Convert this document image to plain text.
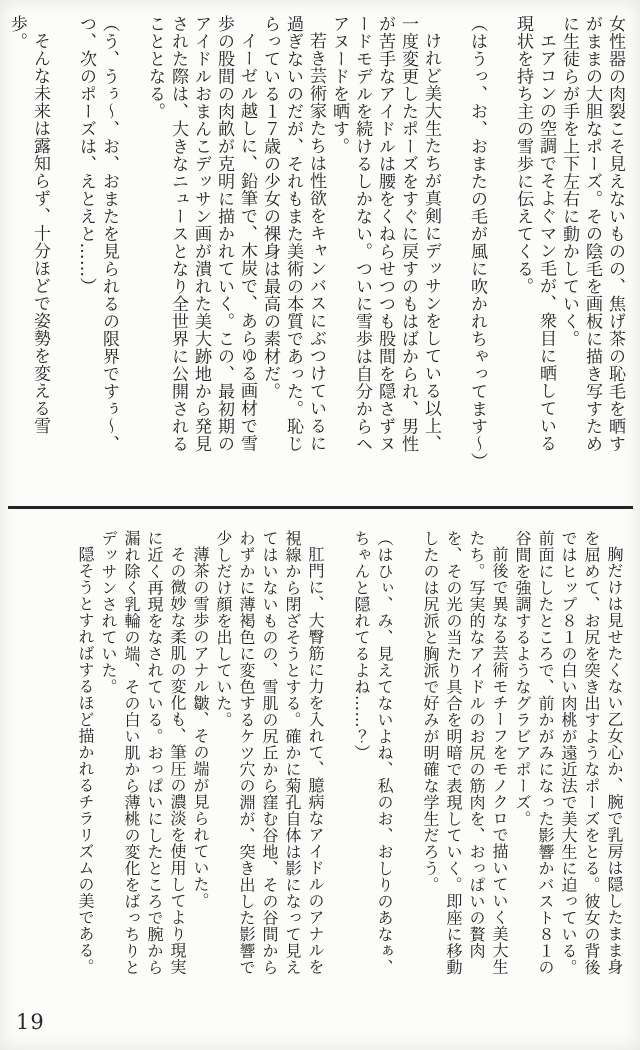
女性器の肉裂こそ見えないものの、焦げ茶の恥毛を晒すがままの大胆なポーズ。その陰毛を画板に描き写すために生徒らが手を上下左右に動かしていく。

エアコンの空調でそよぐマン毛が、衆目に晒している現状を持ち主の雪歩に伝えてくる。

（はうっ、お、おまたの毛が風に吹かれちゃってます〜）

けれど美大生たちが真剣にデッサンをしている以上、一度変更したポーズをすぐに戻すのもはばかられ、男性が苦手なアイドルは腰をくねらせつつも股間を隠さずヌードモデルを続けるしかない。ついに雪歩は自分からヘアヌードを晒す。

若き芸術家たちは性欲をキャンバスにぶつけているに過ぎないのだが、それもまた美術の本質であった。恥じらっている１７歳の少女の裸身は最高の素材だ。

イーゼル越しに、鉛筆で、木炭で、あらゆる画材で雪歩の股間の肉畝が克明に描かれていく。この、最初期のアイドルおまんこデッサン画が潰れた美大跡地から発見された際は、大きなニュースとなり全世界に公開されることとなる。

（う、うぅ〜、お、おまたを見られるの限界ですぅ〜、つ、次のポーズは、えとえと……）

そんな未来は露知らず、十分ほどで姿勢を変える雪歩。

胸だけは見せたくない乙女心か、腕で乳房は隠したまま身を屈めて、お尻を突き出すようなポーズをとる。彼女の背後ではヒップ８１の白い肉桃が遠近法で美大生に迫っている。前面にしたところで、前かがみになった影響かバスト８１の谷間を強調するようなグラビアポーズ。

前後で異なる芸術モチーフをモノクロで描いていく美大生たち。写実的なアイドルのお尻の筋肉を、おっぱいの贅肉を、その光の当たり具合を明暗で表現していく。即座に移動したのは尻派と胸派で好みが明確な学生だろう。

（はひぃ、み、見えてないよね、私のお、おしりのあなぁ、ちゃんと隠れてるよね……？）

肛門に、大臀筋に力を入れて、臆病なアイドルのアナルを視線から閉ざそうとする。確かに菊孔自体は影になって見えてはいないものの、雪肌の尻丘から窪む谷地、その谷間からわずかに薄褐色に変色するケツ穴の淵が、突き出した影響で少しだけ顔を出していた。

薄茶の雪歩のアナル皺、その端が見られていた。

その微妙な柔肌の変化も、筆圧の濃淡を使用してより現実に近く再現をなされている。おっぱいにしたところで腕から漏れ除く乳輪の端、その白い肌から薄桃の変化をばっちりとデッサンされていた。

隠そうとすればするほど描かれるチラリズムの美である。

19
